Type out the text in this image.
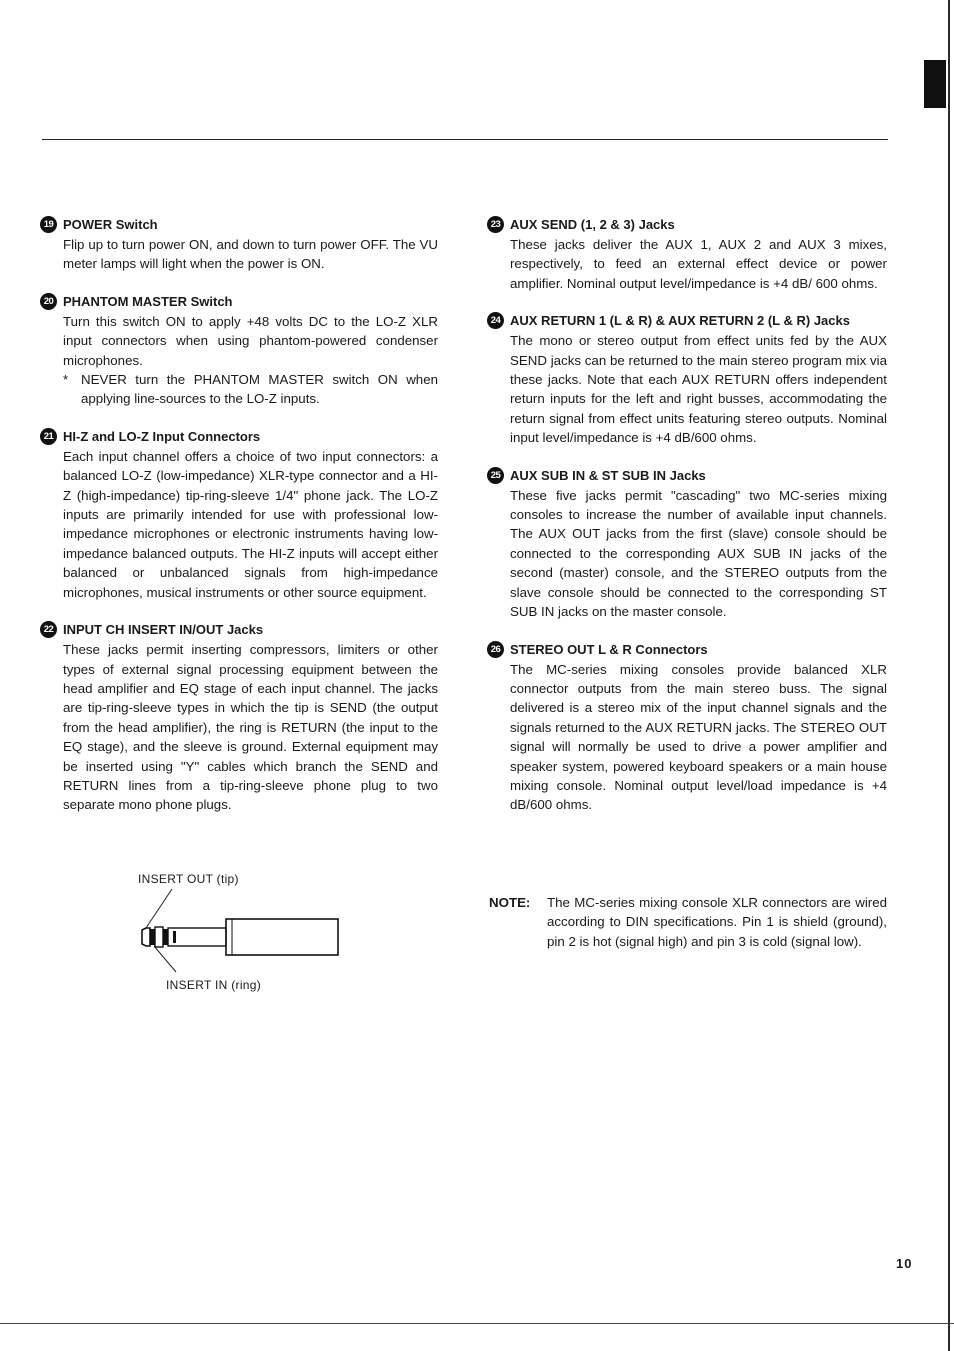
19 POWER Switch
Flip up to turn power ON, and down to turn power OFF. The VU meter lamps will light when the power is ON.
20 PHANTOM MASTER Switch
Turn this switch ON to apply +48 volts DC to the LO-Z XLR input connectors when using phantom-powered condenser microphones.
* NEVER turn the PHANTOM MASTER switch ON when applying line-sources to the LO-Z inputs.
21 HI-Z and LO-Z Input Connectors
Each input channel offers a choice of two input connectors: a balanced LO-Z (low-impedance) XLR-type connector and a HI-Z (high-impedance) tip-ring-sleeve 1/4" phone jack. The LO-Z inputs are primarily intended for use with professional low-impedance microphones or electronic instruments having low-impedance balanced outputs. The HI-Z inputs will accept either balanced or unbalanced signals from high-impedance microphones, musical instruments or other source equipment.
22 INPUT CH INSERT IN/OUT Jacks
These jacks permit inserting compressors, limiters or other types of external signal processing equipment between the head amplifier and EQ stage of each input channel. The jacks are tip-ring-sleeve types in which the tip is SEND (the output from the head amplifier), the ring is RETURN (the input to the EQ stage), and the sleeve is ground. External equipment may be inserted using "Y" cables which branch the SEND and RETURN lines from a tip-ring-sleeve phone plug to two separate mono phone plugs.
INSERT OUT (tip)
INSERT IN (ring)
23 AUX SEND (1, 2 & 3) Jacks
These jacks deliver the AUX 1, AUX 2 and AUX 3 mixes, respectively, to feed an external effect device or power amplifier. Nominal output level/impedance is +4 dB/ 600 ohms.
24 AUX RETURN 1 (L & R) & AUX RETURN 2 (L & R) Jacks
The mono or stereo output from effect units fed by the AUX SEND jacks can be returned to the main stereo program mix via these jacks. Note that each AUX RETURN offers independent return inputs for the left and right busses, accommodating the return signal from effect units featuring stereo outputs. Nominal input level/impedance is +4 dB/600 ohms.
25 AUX SUB IN & ST SUB IN Jacks
These five jacks permit "cascading" two MC-series mixing consoles to increase the number of available input channels. The AUX OUT jacks from the first (slave) console should be connected to the corresponding AUX SUB IN jacks of the second (master) console, and the STEREO outputs from the slave console should be connected to the corresponding ST SUB IN jacks on the master console.
26 STEREO OUT L & R Connectors
The MC-series mixing consoles provide balanced XLR connector outputs from the main stereo buss. The signal delivered is a stereo mix of the input channel signals and the signals returned to the AUX RETURN jacks. The STEREO OUT signal will normally be used to drive a power amplifier and speaker system, powered keyboard speakers or a main house mixing console. Nominal output level/load impedance is +4 dB/600 ohms.
NOTE:	The MC-series mixing console XLR connectors are wired according to DIN specifications. Pin 1 is shield (ground), pin 2 is hot (signal high) and pin 3 is cold (signal low).
10
